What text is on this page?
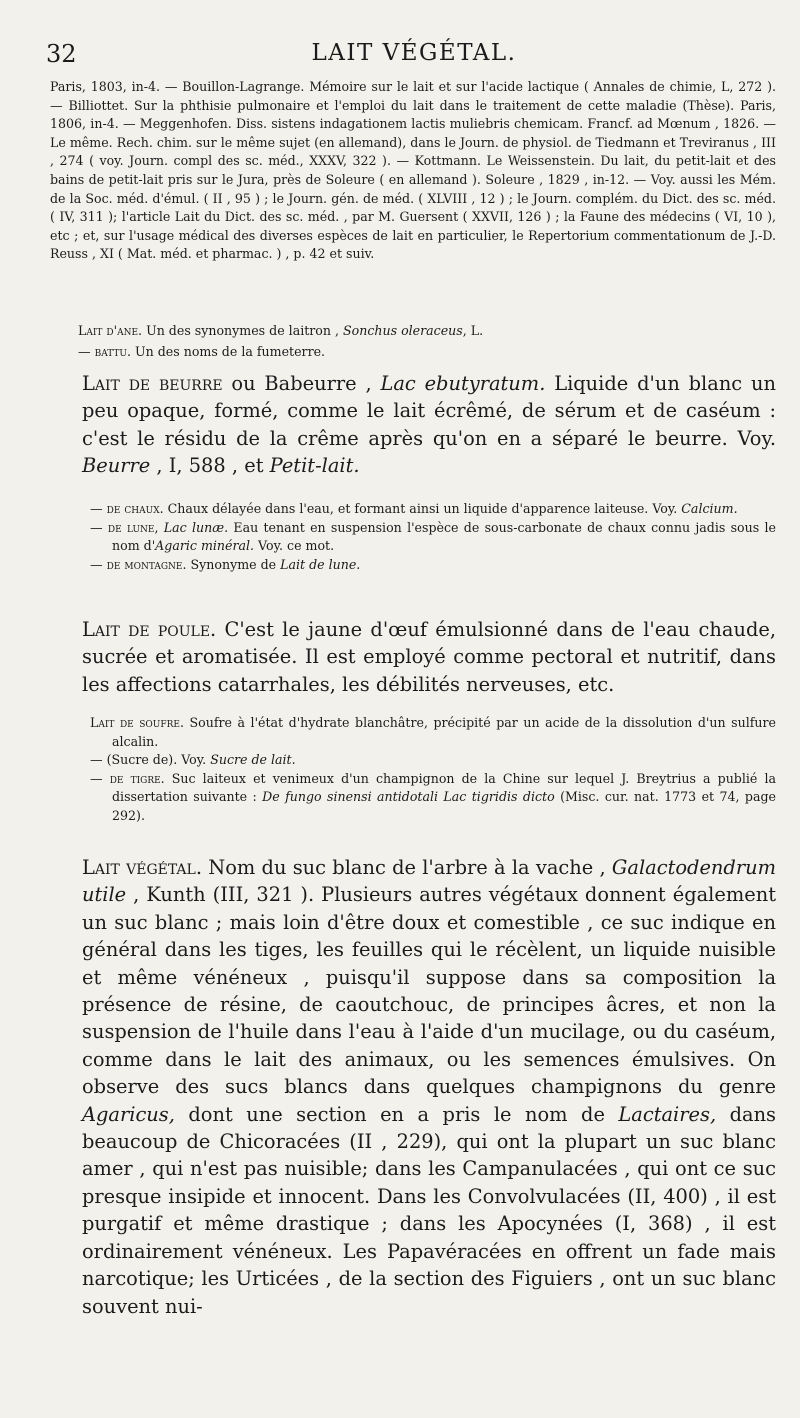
32	LAIT VÉGÉTAL.

Paris, 1803, in-4. — Bouillon-Lagrange. Mémoire sur le lait et sur l'acide lactique ( Annales de chimie, L, 272 ). — Billiottet. Sur la phthisie pulmonaire et l'emploi du lait dans le traitement de cette maladie (Thèse). Paris, 1806, in-4. — Meggenhofen. Diss. sistens indagationem lactis muliebris chemicam. Francf. ad Mœnum , 1826. — Le même. Rech. chim. sur le même sujet (en allemand), dans le Journ. de physiol. de Tiedmann et Treviranus , III , 274 ( voy. Journ. compl des sc. méd., XXXV, 322 ). — Kottmann. Le Weissenstein. Du lait, du petit-lait et des bains de petit-lait pris sur le Jura, près de Soleure ( en allemand ). Soleure , 1829 , in-12. — Voy. aussi les Mém. de la Soc. méd. d'émul. ( II , 95 ) ; le Journ. gén. de méd. ( XLVIII , 12 ) ; le Journ. complém. du Dict. des sc. méd. ( IV, 311 ); l'article Lait du Dict. des sc. méd. , par M. Guersent ( XXVII, 126 ) ; la Faune des médecins ( VI, 10 ), etc ; et, sur l'usage médical des diverses espèces de lait en particulier, le Repertorium commentationum de J.-D. Reuss , XI ( Mat. méd. et pharmac. ) , p. 42 et suiv.

Lait d'ane. Un des synonymes de laitron , Sonchus oleraceus, L.

— battu. Un des noms de la fumeterre.

Lait de beurre ou Babeurre , Lac ebutyratum. Liquide d'un blanc un peu opaque, formé, comme le lait écrêmé, de sérum et de caséum : c'est le résidu de la crême après qu'on en a séparé le beurre. Voy. Beurre , I, 588 , et Petit-lait.

— de chaux. Chaux délayée dans l'eau, et formant ainsi un liquide d'apparence laiteuse. Voy. Calcium.

— de lune, Lac lunæ. Eau tenant en suspension l'espèce de sous-carbonate de chaux connu jadis sous le nom d'Agaric minéral. Voy. ce mot.

— de montagne. Synonyme de Lait de lune.

Lait de poule. C'est le jaune d'œuf émulsionné dans de l'eau chaude, sucrée et aromatisée. Il est employé comme pectoral et nutritif, dans les affections catarrhales, les débilités nerveuses, etc.

Lait de soufre. Soufre à l'état d'hydrate blanchâtre, précipité par un acide de la dissolution d'un sulfure alcalin.

— (Sucre de). Voy. Sucre de lait.

— de tigre. Suc laiteux et venimeux d'un champignon de la Chine sur lequel J. Breytrius a publié la dissertation suivante : De fungo sinensi antidotali Lac tigridis dicto (Misc. cur. nat. 1773 et 74, page 292).

Lait végétal. Nom du suc blanc de l'arbre à la vache , Galactodendrum utile , Kunth (III, 321 ). Plusieurs autres végétaux donnent également un suc blanc ; mais loin d'être doux et comestible , ce suc indique en général dans les tiges, les feuilles qui le récèlent, un liquide nuisible et même vénéneux , puisqu'il suppose dans sa composition la présence de résine, de caoutchouc, de principes âcres, et non la suspension de l'huile dans l'eau à l'aide d'un mucilage, ou du caséum, comme dans le lait des animaux, ou les semences émulsives. On observe des sucs blancs dans quelques champignons du genre Agaricus, dont une section en a pris le nom de Lactaires, dans beaucoup de Chicoracées (II , 229), qui ont la plupart un suc blanc amer , qui n'est pas nuisible; dans les Campanulacées , qui ont ce suc presque insipide et innocent. Dans les Convolvulacées (II, 400) , il est purgatif et même drastique ; dans les Apocynées (I, 368) , il est ordinairement vénéneux. Les Papavéracées en offrent un fade mais narcotique; les Urticées , de la section des Figuiers , ont un suc blanc souvent nui-
